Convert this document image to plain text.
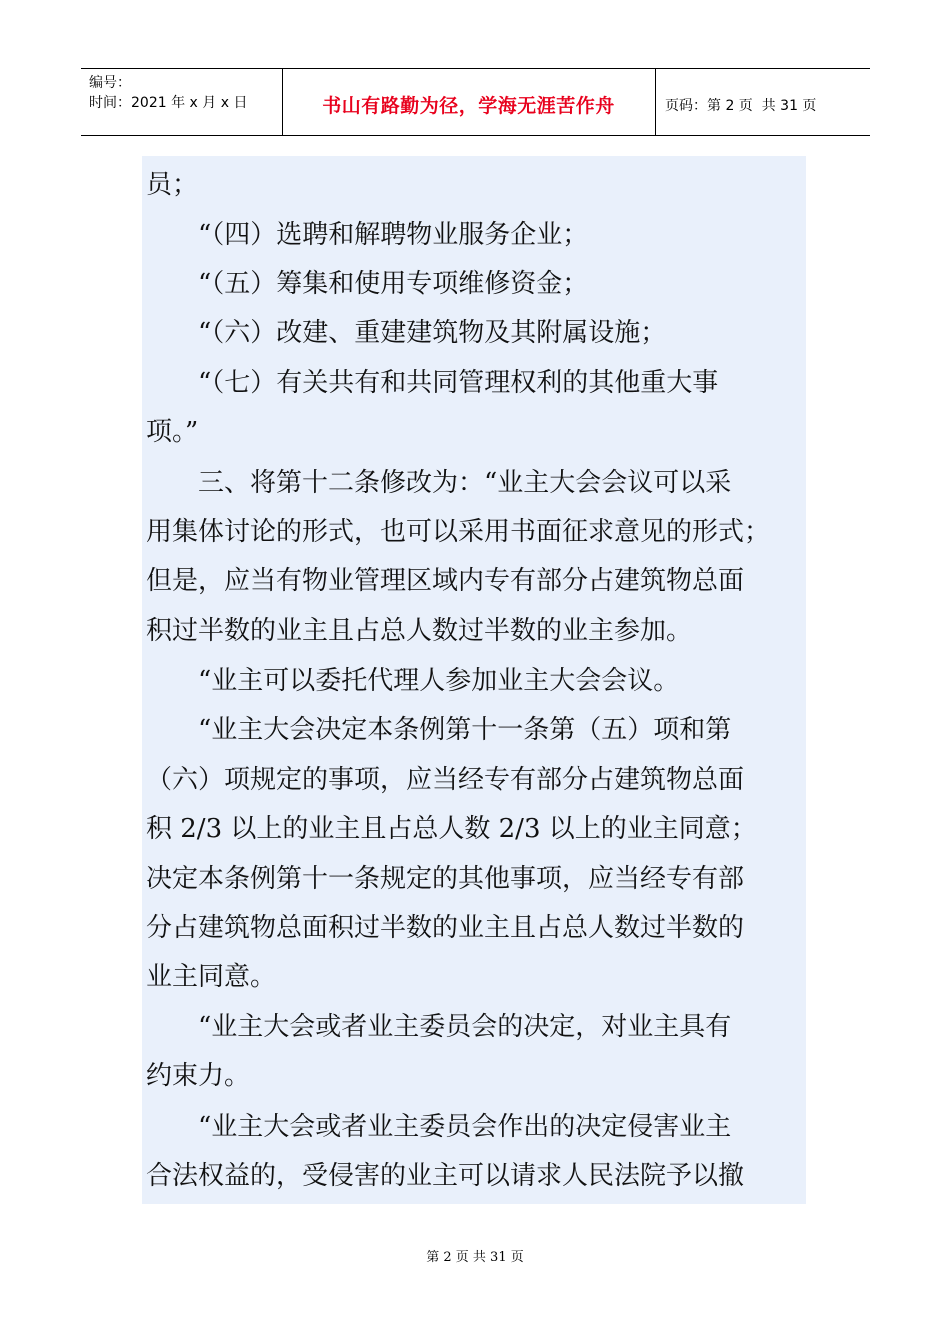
编号：
时间：2021 年 x 月 x 日	书山有路勤为径，学海无涯苦作舟	页码：第 2 页  共 31 页
员；
　　“（四）选聘和解聘物业服务企业；
　　“（五）筹集和使用专项维修资金；
　　“（六）改建、重建建筑物及其附属设施；
　　“（七）有关共有和共同管理权利的其他重大事
项。”
　　三、将第十二条修改为：“业主大会会议可以采
用集体讨论的形式，也可以采用书面征求意见的形式；
但是，应当有物业管理区域内专有部分占建筑物总面
积过半数的业主且占总人数过半数的业主参加。
　　“业主可以委托代理人参加业主大会会议。
　　“业主大会决定本条例第十一条第（五）项和第
（六）项规定的事项，应当经专有部分占建筑物总面
积 2/3 以上的业主且占总人数 2/3 以上的业主同意；
决定本条例第十一条规定的其他事项，应当经专有部
分占建筑物总面积过半数的业主且占总人数过半数的
业主同意。
　　“业主大会或者业主委员会的决定，对业主具有
约束力。
　　“业主大会或者业主委员会作出的决定侵害业主
合法权益的，受侵害的业主可以请求人民法院予以撤
第 2 页 共 31 页
